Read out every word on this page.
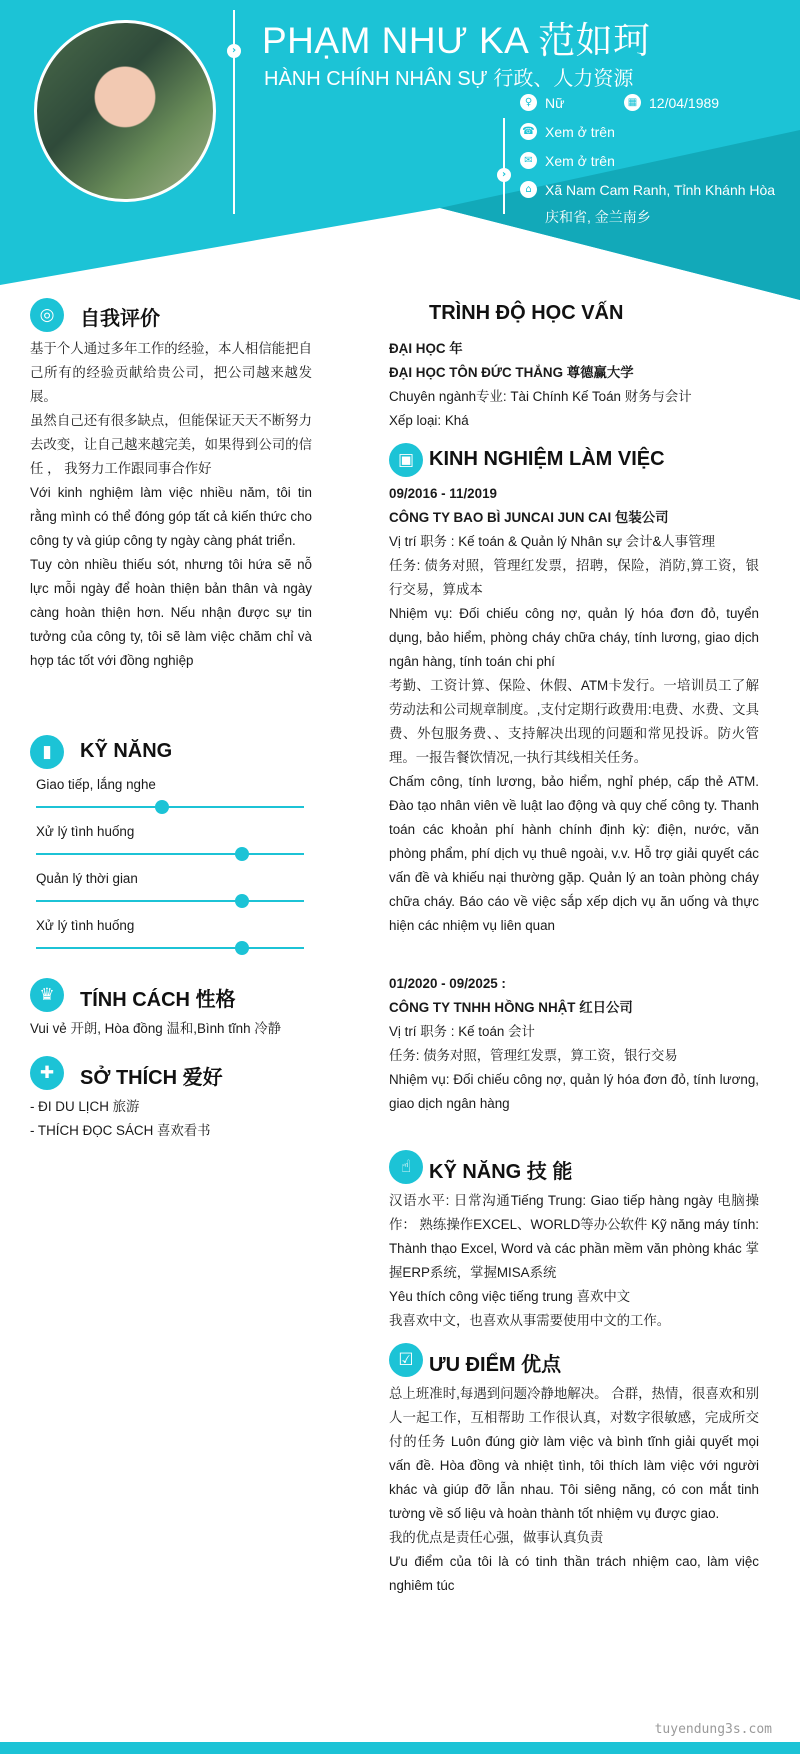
› PHẠM NHƯ KA 范如珂
HÀNH CHÍNH NHÂN SỰ 行政、人力资源
›
♀ Nữ	▦ 12/04/1989
☎ Xem ở trên
✉ Xem ở trên
⌂ Xã Nam Cam Ranh, Tỉnh Khánh Hòa
庆和省, 金兰南乡
◎	自我评价

基于个人通过多年工作的经验，本人相信能把自己所有的经验贡献给贵公司，把公司越来越发展。

虽然自己还有很多缺点，但能保证天天不断努力去改变，让自己越来越完美，如果得到公司的信任 ， 我努力工作跟同事合作好

Với kinh nghiệm làm việc nhiều năm, tôi tin rằng mình có thể đóng góp tất cả kiến thức cho công ty và giúp công ty ngày càng phát triển.

Tuy còn nhiều thiếu sót, nhưng tôi hứa sẽ nỗ lực mỗi ngày để hoàn thiện bản thân và ngày càng hoàn thiện hơn. Nếu nhận được sự tin tưởng của công ty, tôi sẽ làm việc chăm chỉ và hợp tác tốt với đồng nghiệp

▮	KỸ NĂNG
Giao tiếp, lắng nghe
Xử lý tình huống
Quản lý thời gian
Xử lý tình huống
♛	TÍNH CÁCH 性格
Vui vẻ 开朗, Hòa đồng 温和,Bình tĩnh 冷静
✚	SỞ THÍCH 爱好

- ĐI DU LỊCH 旅游

- THÍCH ĐỌC SÁCH 喜欢看书

TRÌNH ĐỘ HỌC VẤN

ĐẠI HỌC 年

ĐẠI HỌC TÔN ĐỨC THẮNG 尊德赢大学

Chuyên ngành专业: Tài Chính Kế Toán 财务与会计

Xếp loại: Khá

▣ KINH NGHIỆM LÀM VIỆC

09/2016 - 11/2019

CÔNG TY BAO BÌ JUNCAI JUN CAI 包装公司

Vị trí 职务 : Kế toán & Quản lý Nhân sự 会计&人事管理

任务: 债务对照，管理红发票，招聘，保险，消防,算工资，银行交易，算成本

Nhiệm vụ: Đối chiếu công nợ, quản lý hóa đơn đỏ, tuyển dụng, bảo hiểm, phòng cháy chữa cháy, tính lương, giao dịch ngân hàng, tính toán chi phí

考勤、工资计算、保险、休假、ATM卡发行。一培训员工了解劳动法和公司规章制度。,支付定期行政费用:电费、水费、文具费、外包服务费、、支持解决出现的问题和常见投诉。防火管理。一报告餐饮情况,一执行其线相关任务。

Chấm công, tính lương, bảo hiểm, nghỉ phép, cấp thẻ ATM. Đào tạo nhân viên về luật lao động và quy chế công ty. Thanh toán các khoản phí hành chính định kỳ: điện, nước, văn phòng phẩm, phí dịch vụ thuê ngoài, v.v. Hỗ trợ giải quyết các vấn đề và khiếu nại thường gặp. Quản lý an toàn phòng cháy chữa cháy. Báo cáo về việc sắp xếp dịch vụ ăn uống và thực hiện các nhiệm vụ liên quan

01/2020 - 09/2025 :

CÔNG TY TNHH HỒNG NHẬT 红日公司

Vị trí 职务 : Kế toán 会计

任务: 债务对照，管理红发票，算工资，银行交易

Nhiệm vụ: Đối chiếu công nợ, quản lý hóa đơn đỏ, tính lương, giao dịch ngân hàng

☝ KỸ NĂNG 技 能

汉语水平: 日常沟通Tiếng Trung: Giao tiếp hàng ngày 电脑操作： 熟练操作EXCEL、WORLD等办公软件 Kỹ năng máy tính: Thành thạo Excel, Word và các phần mềm văn phòng khác 掌握ERP系统，掌握MISA系统

Yêu thích công việc tiếng trung 喜欢中文

我喜欢中文，也喜欢从事需要使用中文的工作。

☑ ƯU ĐIỂM 优点

总上班准时,每遇到问题冷静地解决。 合群，热情，很喜欢和别人一起工作，互相帮助 工作很认真，对数字很敏感，完成所交付的任务 Luôn đúng giờ làm việc và bình tĩnh giải quyết mọi vấn đề. Hòa đồng và nhiệt tình, tôi thích làm việc với người khác và giúp đỡ lẫn nhau. Tôi siêng năng, có con mắt tinh tường về số liệu và hoàn thành tốt nhiệm vụ được giao.

我的优点是责任心强，做事认真负责

Ưu điểm của tôi là có tinh thần trách nhiệm cao, làm việc nghiêm túc

tuyendung3s.com
